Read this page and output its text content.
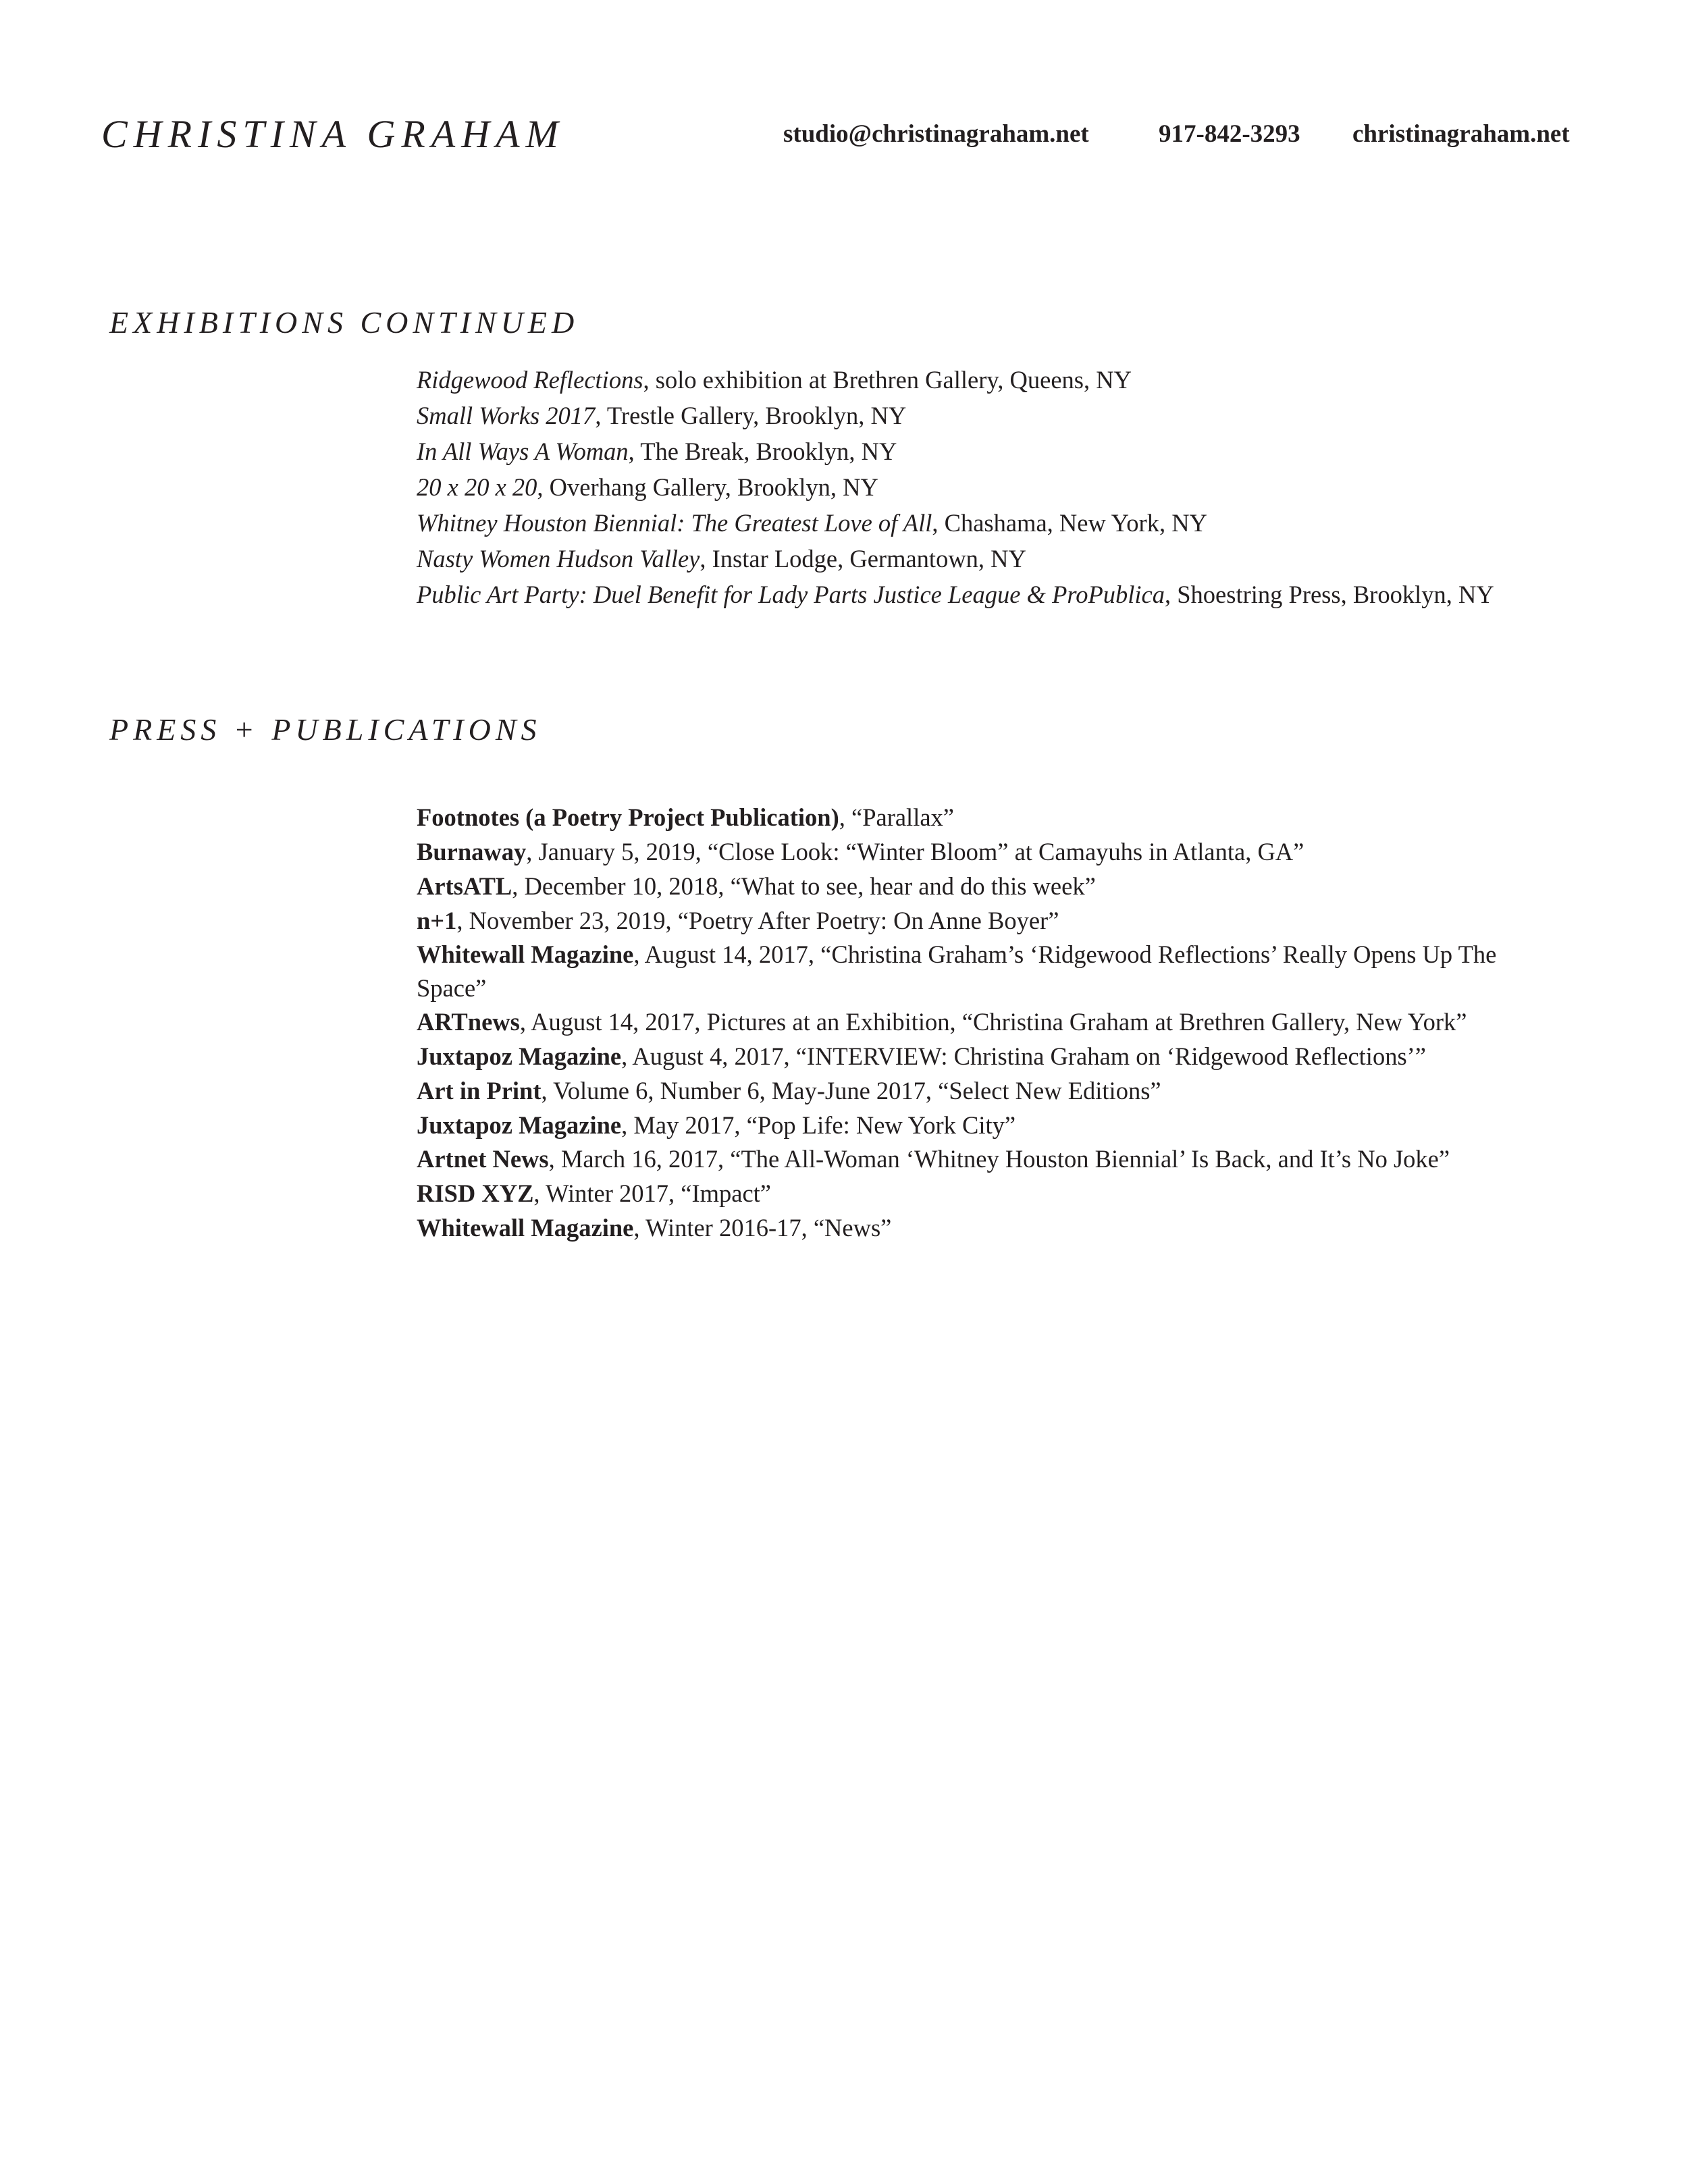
CHRISTINA GRAHAM	studio@christinagraham.net	917-842-3293 christinagraham.net
EXHIBITIONS CONTINUED
Ridgewood Reflections, solo exhibition at Brethren Gallery, Queens, NY
Small Works 2017, Trestle Gallery, Brooklyn, NY
In All Ways A Woman, The Break, Brooklyn, NY
20 x 20 x 20, Overhang Gallery, Brooklyn, NY
Whitney Houston Biennial: The Greatest Love of All, Chashama, New York, NY
Nasty Women Hudson Valley, Instar Lodge, Germantown, NY
Public Art Party: Duel Benefit for Lady Parts Justice League & ProPublica, Shoestring Press, Brooklyn, NY
PRESS + PUBLICATIONS
Footnotes (a Poetry Project Publication), “Parallax”
Burnaway, January 5, 2019, “Close Look: “Winter Bloom” at Camayuhs in Atlanta, GA”
ArtsATL, December 10, 2018, “What to see, hear and do this week”
n+1, November 23, 2019, “Poetry After Poetry: On Anne Boyer”
Whitewall Magazine, August 14, 2017, “Christina Graham’s ‘Ridgewood Reflections’ Really Opens Up The Space”
ARTnews, August 14, 2017, Pictures at an Exhibition, “Christina Graham at Brethren Gallery, New York”
Juxtapoz Magazine, August 4, 2017, “INTERVIEW: Christina Graham on ‘Ridgewood Reflections’”
Art in Print, Volume 6, Number 6, May-June 2017, “Select New Editions”
Juxtapoz Magazine, May 2017, “Pop Life: New York City”
Artnet News, March 16, 2017, “The All-Woman ‘Whitney Houston Biennial’ Is Back, and It’s No Joke”
RISD XYZ, Winter 2017, “Impact”
Whitewall Magazine, Winter 2016-17, “News”
